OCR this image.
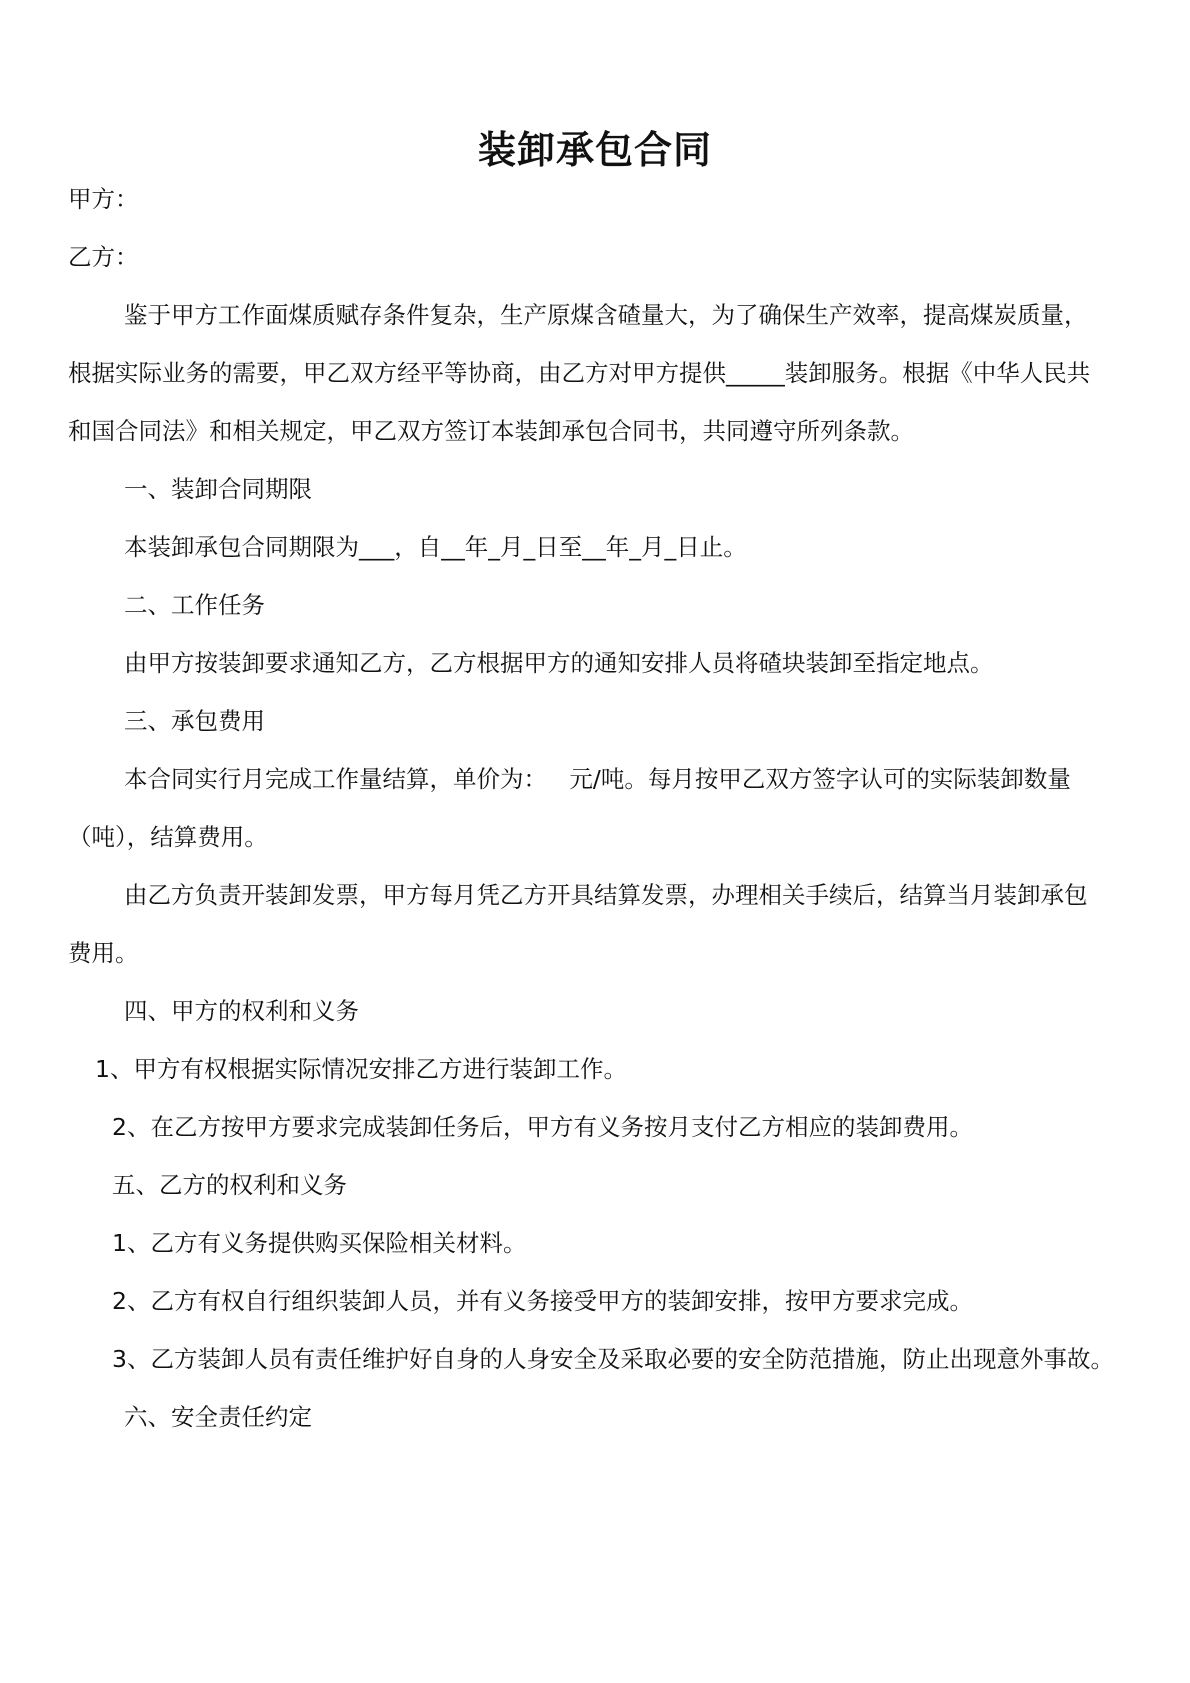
装卸承包合同
甲方：
乙方：
鉴于甲方工作面煤质赋存条件复杂，生产原煤含碴量大，为了确保生产效率，提高煤炭质量，
根据实际业务的需要，甲乙双方经平等协商，由乙方对甲方提供_____装卸服务。根据《中华人民共
和国合同法》和相关规定，甲乙双方签订本装卸承包合同书，共同遵守所列条款。
一、装卸合同期限
本装卸承包合同期限为___，自__年_月_日至__年_月_日止。
二、工作任务
由甲方按装卸要求通知乙方，乙方根据甲方的通知安排人员将碴块装卸至指定地点。
三、承包费用
本合同实行月完成工作量结算，单价为：   元/吨。每月按甲乙双方签字认可的实际装卸数量
（吨），结算费用。
由乙方负责开装卸发票，甲方每月凭乙方开具结算发票，办理相关手续后，结算当月装卸承包
费用。
四、甲方的权利和义务
1、甲方有权根据实际情况安排乙方进行装卸工作。
2、在乙方按甲方要求完成装卸任务后，甲方有义务按月支付乙方相应的装卸费用。
五、乙方的权利和义务
1、乙方有义务提供购买保险相关材料。
2、乙方有权自行组织装卸人员，并有义务接受甲方的装卸安排，按甲方要求完成。
3、乙方装卸人员有责任维护好自身的人身安全及采取必要的安全防范措施，防止出现意外事故。
六、安全责任约定
